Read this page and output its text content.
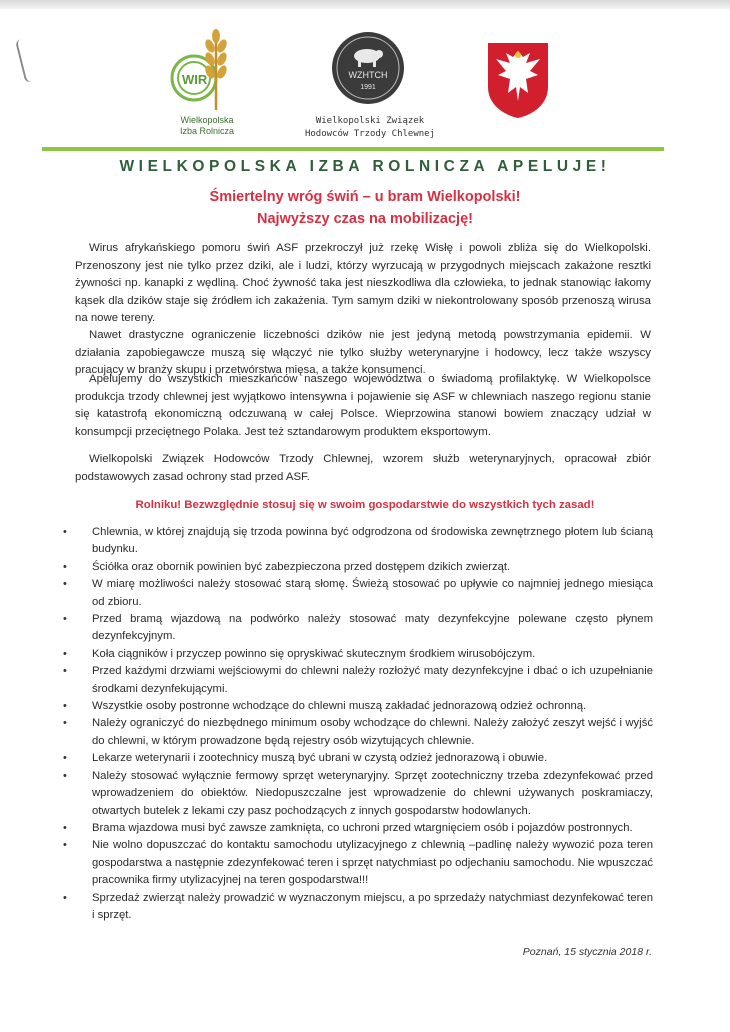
WIR
Wielkopolska
Izba Rolnicza
WZHTCH
1991
Wielkopolski Związek
Hodowców Trzody Chlewnej
WIELKOPOLSKA IZBA ROLNICZA APELUJE!
Śmiertelny wróg świń – u bram Wielkopolski!
Najwyższy czas na mobilizację!
Wirus afrykańskiego pomoru świń ASF przekroczył już rzekę Wisłę i powoli zbliża się do Wielkopolski. Przenoszony jest nie tylko przez dziki, ale i ludzi, którzy wyrzucają w przygodnych miejscach zakażone resztki żywności np. kanapki z wędliną. Choć żywność taka jest nieszkodliwa dla człowieka, to jednak stanowiąc łakomy kąsek dla dzików staje się źródłem ich zakażenia. Tym samym dziki w niekontrolowany sposób przenoszą wirusa na nowe tereny.
Nawet drastyczne ograniczenie liczebności dzików nie jest jedyną metodą powstrzymania epidemii. W działania zapobiegawcze muszą się włączyć nie tylko służby weterynaryjne i hodowcy, lecz także wszyscy pracujący w branży skupu i przetwórstwa mięsa, a także konsumenci.
Apelujemy do wszystkich mieszkańców naszego województwa o świadomą profilaktykę. W Wielkopolsce produkcja trzody chlewnej jest wyjątkowo intensywna i pojawienie się ASF w chlewniach naszego regionu stanie się katastrofą ekonomiczną odczuwaną w całej Polsce. Wieprzowina stanowi bowiem znaczący udział w konsumpcji przeciętnego Polaka. Jest też sztandarowym produktem eksportowym.
Wielkopolski Związek Hodowców Trzody Chlewnej, wzorem służb weterynaryjnych, opracował zbiór podstawowych zasad ochrony stad przed ASF.
Rolniku! Bezwzględnie stosuj się w swoim gospodarstwie do wszystkich tych zasad!
• Chlewnia, w której znajdują się trzoda powinna być odgrodzona od środowiska zewnętrznego płotem lub ścianą budynku.
• Ściółka oraz obornik powinien być zabezpieczona przed dostępem dzikich zwierząt.
• W miarę możliwości należy stosować starą słomę. Świeżą stosować po upływie co najmniej jednego miesiąca od zbioru.
• Przed bramą wjazdową na podwórko należy stosować maty dezynfekcyjne polewane często płynem dezynfekcyjnym.
• Koła ciągników i przyczep powinno się opryskiwać skutecznym środkiem wirusobójczym.
• Przed każdymi drzwiami wejściowymi do chlewni należy rozłożyć maty dezynfekcyjne i dbać o ich uzupełnianie środkami dezynfekującymi.
• Wszystkie osoby postronne wchodzące do chlewni muszą zakładać jednorazową odzież ochronną.
• Należy ograniczyć do niezbędnego minimum osoby wchodzące do chlewni. Należy założyć zeszyt wejść i wyjść do chlewni, w którym prowadzone będą rejestry osób wizytujących chlewnie.
• Lekarze weterynarii i zootechnicy muszą być ubrani w czystą odzież jednorazową i obuwie.
• Należy stosować wyłącznie fermowy sprzęt weterynaryjny. Sprzęt zootechniczny trzeba zdezynfekować przed wprowadzeniem do obiektów. Niedopuszczalne jest wprowadzenie do chlewni używanych poskramiaczy, otwartych butelek z lekami czy pasz pochodzących z innych gospodarstw hodowlanych.
• Brama wjazdowa musi być zawsze zamknięta, co uchroni przed wtargnięciem osób i pojazdów postronnych.
• Nie wolno dopuszczać do kontaktu samochodu utylizacyjnego z chlewnią –padlinę należy wywozić poza teren gospodarstwa a następnie zdezynfekować teren i sprzęt natychmiast po odjechaniu samochodu. Nie wpuszczać pracownika firmy utylizacyjnej na teren gospodarstwa!!!
• Sprzedaż zwierząt należy prowadzić w wyznaczonym miejscu, a po sprzedaży natychmiast dezynfekować teren i sprzęt.
Poznań, 15 stycznia 2018 r.
